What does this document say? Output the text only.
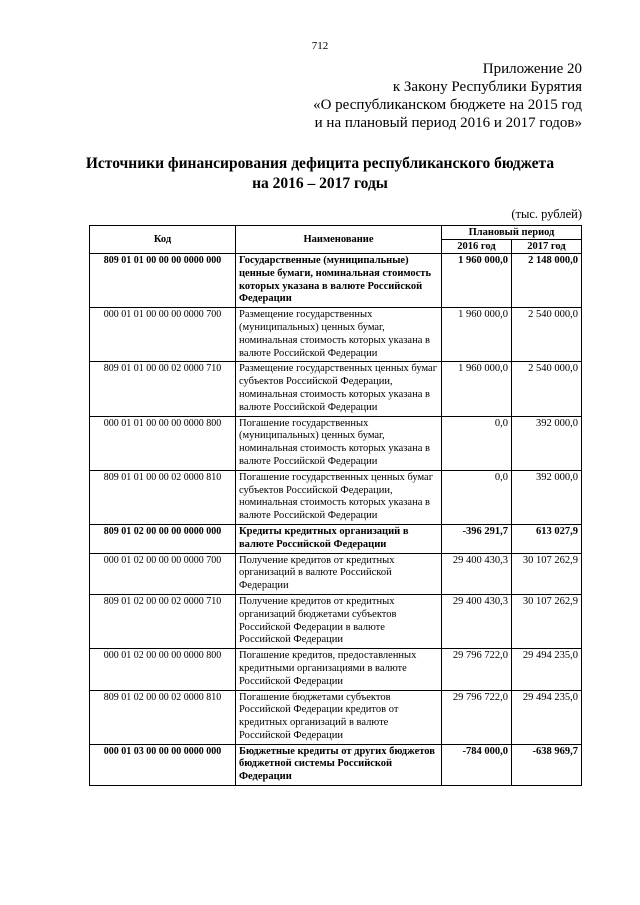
712
Приложение 20
к Закону Республики Бурятия
«О республиканском бюджете на 2015 год
и на плановый период 2016 и 2017 годов»
Источники финансирования дефицита республиканского бюджета
на 2016 – 2017 годы
(тыс. рублей)
Код	Наименование	Плановый период	
		2016 год	2017 год
809 01 01 00 00 00 0000 000	Государственные (муниципальные) ценные бумаги, номинальная стоимость которых указана в валюте Российской Федерации	1 960 000,0	2 148 000,0
000 01 01 00 00 00 0000 700	Размещение государственных (муниципальных) ценных бумаг, номинальная стоимость которых указана в валюте Российской Федерации	1 960 000,0	2 540 000,0
809 01 01 00 00 02 0000 710	Размещение государственных ценных бумаг субъектов Российской Федерации, номинальная стоимость которых указана в валюте Российской Федерации	1 960 000,0	2 540 000,0
000 01 01 00 00 00 0000 800	Погашение государственных (муниципальных) ценных бумаг, номинальная стоимость которых указана в валюте Российской Федерации	0,0	392 000,0
809 01 01 00 00 02 0000 810	Погашение государственных ценных бумаг субъектов Российской Федерации, номинальная стоимость которых указана в валюте Российской Федерации	0,0	392 000,0
809 01 02 00 00 00 0000 000	Кредиты кредитных организаций в валюте Российской Федерации	-396 291,7	613 027,9
000 01 02 00 00 00 0000 700	Получение кредитов от кредитных организаций в валюте Российской Федерации	29 400 430,3	30 107 262,9
809 01 02 00 00 02 0000 710	Получение кредитов от кредитных организаций бюджетами субъектов Российской Федерации в валюте Российской Федерации	29 400 430,3	30 107 262,9
000 01 02 00 00 00 0000 800	Погашение кредитов, предоставленных кредитными организациями в валюте Российской Федерации	29 796 722,0	29 494 235,0
809 01 02 00 00 02 0000 810	Погашение бюджетами субъектов Российской Федерации кредитов от кредитных организаций в валюте Российской Федерации	29 796 722,0	29 494 235,0
000 01 03 00 00 00 0000 000	Бюджетные кредиты от других бюджетов бюджетной системы Российской Федерации	-784 000,0	-638 969,7
